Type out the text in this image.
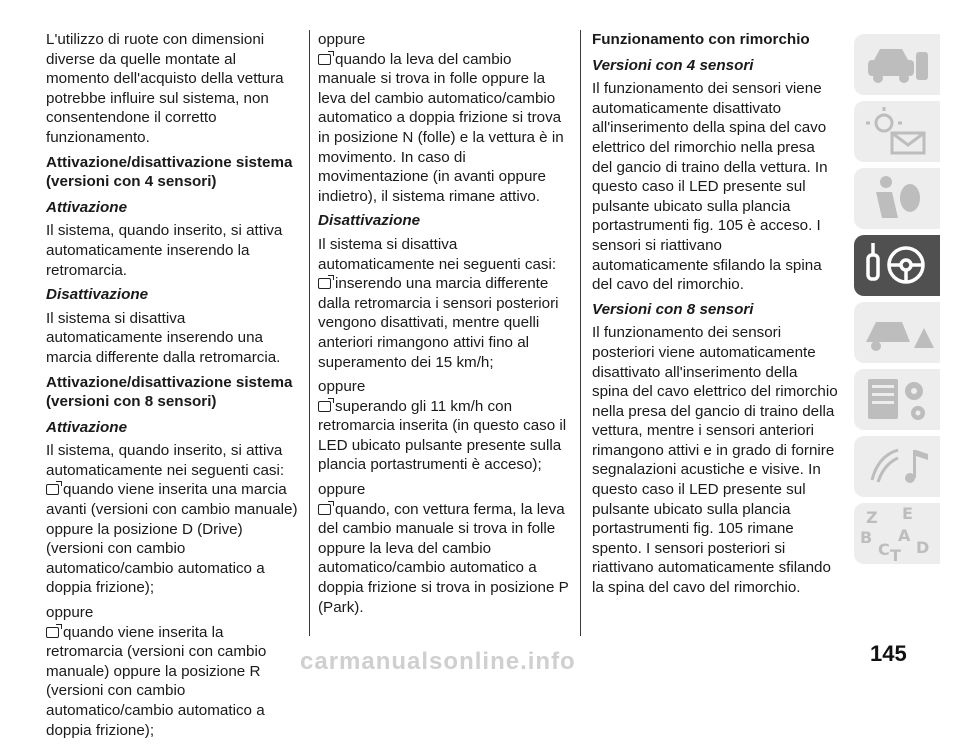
L'utilizzo di ruote con dimensioni diverse da quelle montate al momento dell'acquisto della vettura potrebbe influire sul sistema, non consentendone il corretto funzionamento.

Attivazione/disattivazione sistema (versioni con 4 sensori)

Attivazione

Il sistema, quando inserito, si attiva automaticamente inserendo la retromarcia.

Disattivazione

Il sistema si disattiva automaticamente inserendo una marcia differente dalla retromarcia.

Attivazione/disattivazione sistema (versioni con 8 sensori)

Attivazione

Il sistema, quando inserito, si attiva automaticamente nei seguenti casi:

quando viene inserita una marcia avanti (versioni con cambio manuale) oppure la posizione D (Drive) (versioni con cambio automatico/cambio automatico a doppia frizione);

oppure

quando viene inserita la retromarcia (versioni con cambio manuale) oppure la posizione R (versioni con cambio automatico/cambio automatico a doppia frizione);

oppure

quando la leva del cambio manuale si trova in folle oppure la leva del cambio automatico/cambio automatico a doppia frizione si trova in posizione N (folle) e la vettura è in movimento. In caso di movimentazione (in avanti oppure indietro), il sistema rimane attivo.

Disattivazione

Il sistema si disattiva automaticamente nei seguenti casi:

inserendo una marcia differente dalla retromarcia i sensori posteriori vengono disattivati, mentre quelli anteriori rimangono attivi fino al superamento dei 15 km/h;

oppure

superando gli 11 km/h con retromarcia inserita (in questo caso il LED ubicato pulsante presente sulla plancia portastrumenti è acceso);

oppure

quando, con vettura ferma, la leva del cambio manuale si trova in folle oppure la leva del cambio automatico/cambio automatico a doppia frizione si trova in posizione P (Park).

Funzionamento con rimorchio

Versioni con 4 sensori

Il funzionamento dei sensori viene automaticamente disattivato all'inserimento della spina del cavo elettrico del rimorchio nella presa del gancio di traino della vettura. In questo caso il LED presente sul pulsante ubicato sulla plancia portastrumenti fig. 105 è acceso. I sensori si riattivano automaticamente sfilando la spina del cavo del rimorchio.

Versioni con 8 sensori

Il funzionamento dei sensori posteriori viene automaticamente disattivato all'inserimento della spina del cavo elettrico del rimorchio nella presa del gancio di traino della vettura, mentre i sensori anteriori rimangono attivi e in grado di fornire segnalazioni acustiche e visive. In questo caso il LED presente sul pulsante ubicato sulla plancia portastrumenti fig. 105 rimane spento. I sensori posteriori si riattivano automaticamente sfilando la spina del cavo del rimorchio.

Z E
B A
C T D
145
carmanualsonline.info
